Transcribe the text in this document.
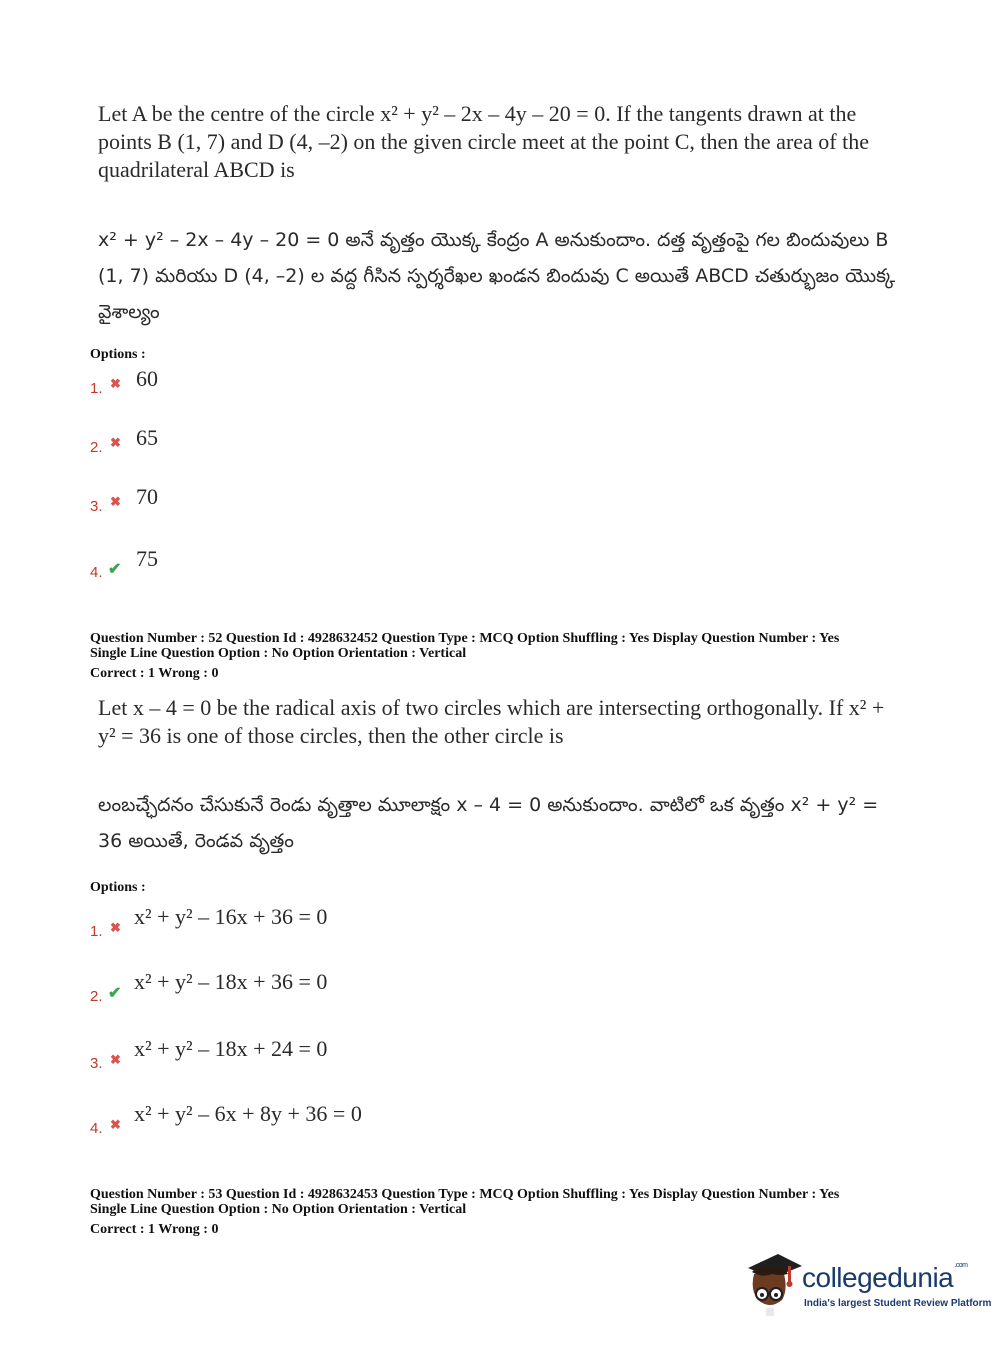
Let A be the centre of the circle x² + y² – 2x – 4y – 20 = 0. If the tangents drawn at the points B (1, 7) and D (4, –2) on the given circle meet at the point C, then the area of the quadrilateral ABCD is
x² + y² – 2x – 4y – 20 = 0 అనే వృత్తం యొక్క కేంద్రం A అనుకుందాం. దత్త వృత్తంపై గల బిందువులు B (1, 7) మరియు D (4, –2) ల వద్ద గీసిన స్పర్శరేఖల ఖండన బిందువు C అయితే ABCD చతుర్భుజం యొక్క వైశాల్యం
Options :
1. ✖ 60
2. ✖ 65
3. ✖ 70
4. ✔ 75
Question Number : 52 Question Id : 4928632452 Question Type : MCQ Option Shuffling : Yes Display Question Number : Yes
Single Line Question Option : No Option Orientation : Vertical
Correct : 1 Wrong : 0
Let x – 4 = 0 be the radical axis of two circles which are intersecting orthogonally. If x² + y² = 36 is one of those circles, then the other circle is
లంబచ్ఛేదనం చేసుకునే రెండు వృత్తాల మూలాక్షం x – 4 = 0 అనుకుందాం. వాటిలో ఒక వృత్తం x² + y² = 36 అయితే, రెండవ వృత్తం
Options :
1. ✖ x² + y² – 16x + 36 = 0
2. ✔ x² + y² – 18x + 36 = 0
3. ✖ x² + y² – 18x + 24 = 0
4. ✖ x² + y² – 6x + 8y + 36 = 0
Question Number : 53 Question Id : 4928632453 Question Type : MCQ Option Shuffling : Yes Display Question Number : Yes
Single Line Question Option : No Option Orientation : Vertical
Correct : 1 Wrong : 0
collegedunia$^{.com}$
India's largest Student Review Platform
